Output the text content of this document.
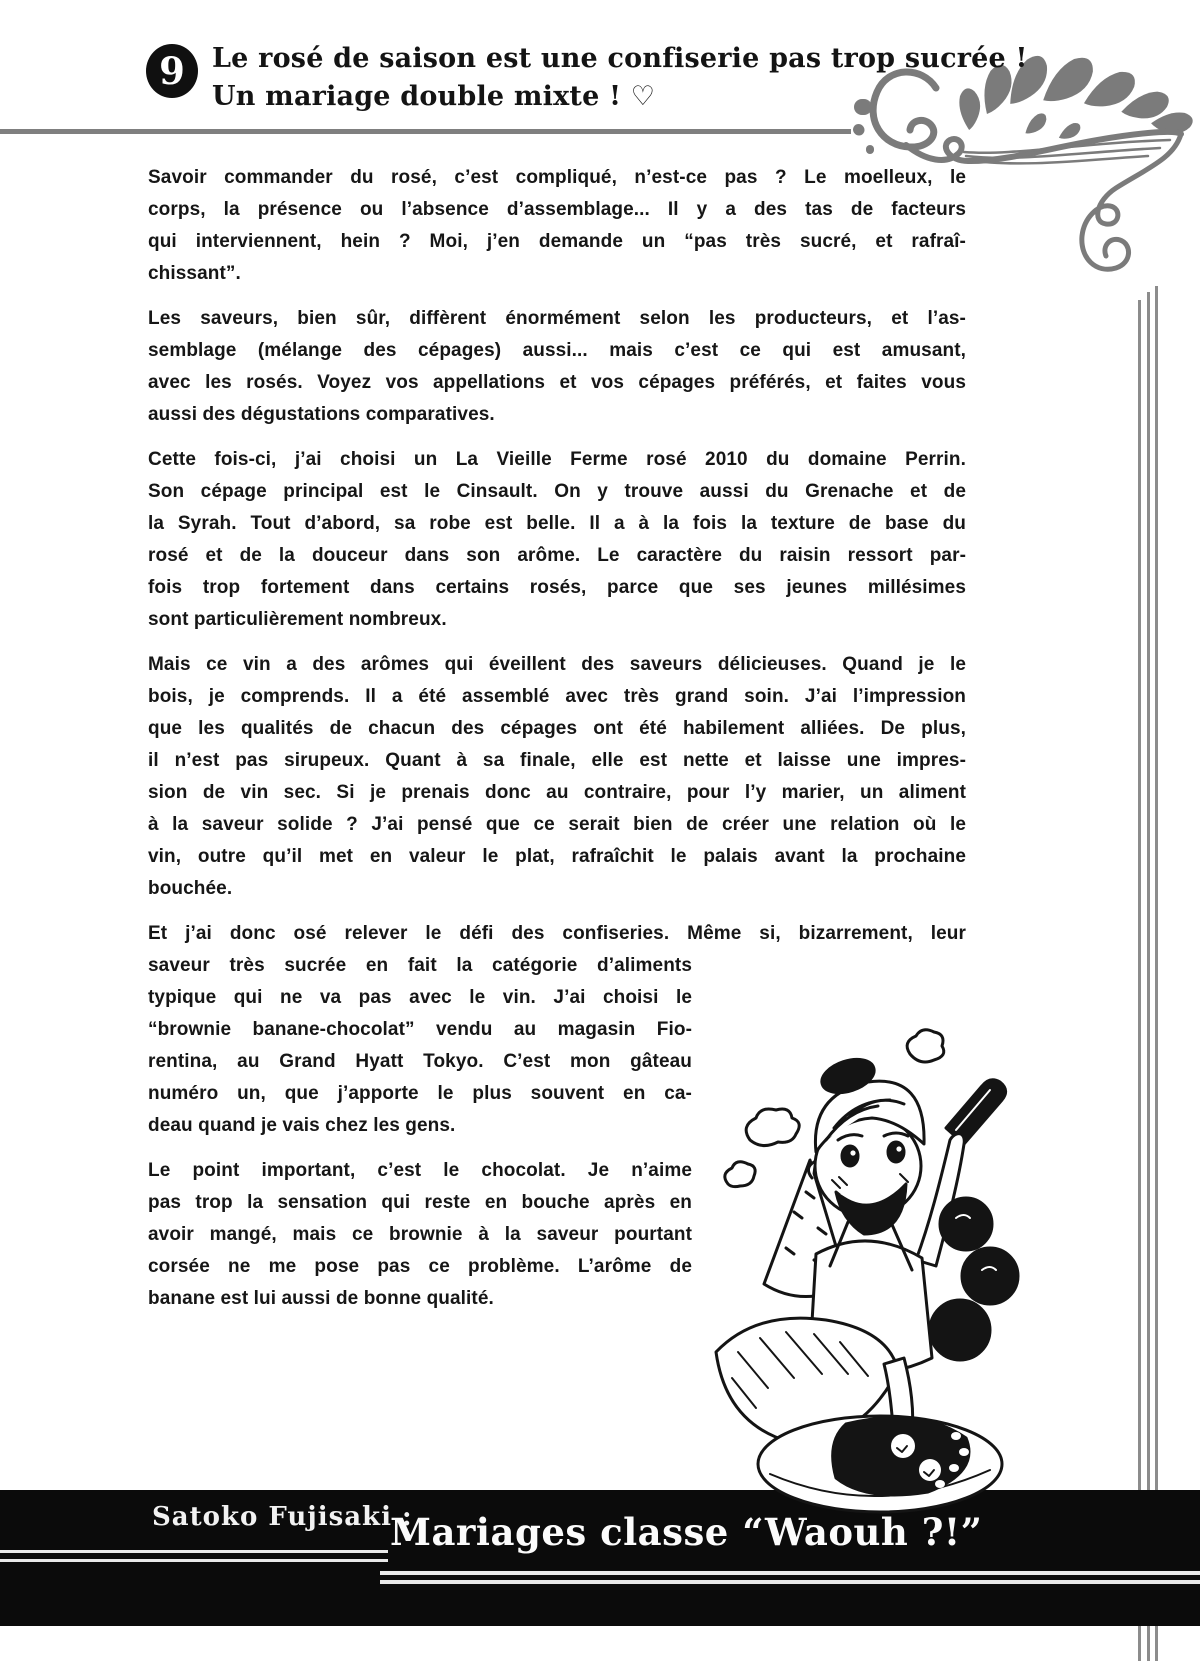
9 Le rosé de saison est une confiserie pas trop sucrée !
Un mariage double mixte ! ♡
Savoir commander du rosé, c’est compliqué, n’est-ce pas ? Le moelleux, le
corps, la présence ou l’absence d’assemblage... Il y a des tas de facteurs
qui interviennent, hein ? Moi, j’en demande un “pas très sucré, et rafraî-
chissant”.
Les saveurs, bien sûr, diffèrent énormément selon les producteurs, et l’as-
semblage (mélange des cépages) aussi... mais c’est ce qui est amusant,
avec les rosés. Voyez vos appellations et vos cépages préférés, et faites vous
aussi des dégustations comparatives.
Cette fois-ci, j’ai choisi un La Vieille Ferme rosé 2010 du domaine Perrin.
Son cépage principal est le Cinsault. On y trouve aussi du Grenache et de
la Syrah. Tout d’abord, sa robe est belle. Il a à la fois la texture de base du
rosé et de la douceur dans son arôme. Le caractère du raisin ressort par-
fois trop fortement dans certains rosés, parce que ses jeunes millésimes
sont particulièrement nombreux.
Mais ce vin a des arômes qui éveillent des saveurs délicieuses. Quand je le
bois, je comprends. Il a été assemblé avec très grand soin. J’ai l’impression
que les qualités de chacun des cépages ont été habilement alliées. De plus,
il n’est pas sirupeux. Quant à sa finale, elle est nette et laisse une impres-
sion de vin sec. Si je prenais donc au contraire, pour l’y marier, un aliment
à la saveur solide ? J’ai pensé que ce serait bien de créer une relation où le
vin, outre qu’il met en valeur le plat, rafraîchit le palais avant la prochaine
bouchée.
Et j’ai donc osé relever le défi des confiseries. Même si, bizarrement, leur
saveur très sucrée en fait la catégorie d’aliments
typique qui ne va pas avec le vin. J’ai choisi le
“brownie banane-chocolat” vendu au magasin Fio-
rentina, au Grand Hyatt Tokyo. C’est mon gâteau
numéro un, que j’apporte le plus souvent en ca-
deau quand je vais chez les gens.
Le point important, c’est le chocolat. Je n’aime
pas trop la sensation qui reste en bouche après en
avoir mangé, mais ce brownie à la saveur pourtant
corsée ne me pose pas ce problème. L’arôme de
banane est lui aussi de bonne qualité.
Satoko Fujisaki :
Mariages classe “Waouh ?!”
